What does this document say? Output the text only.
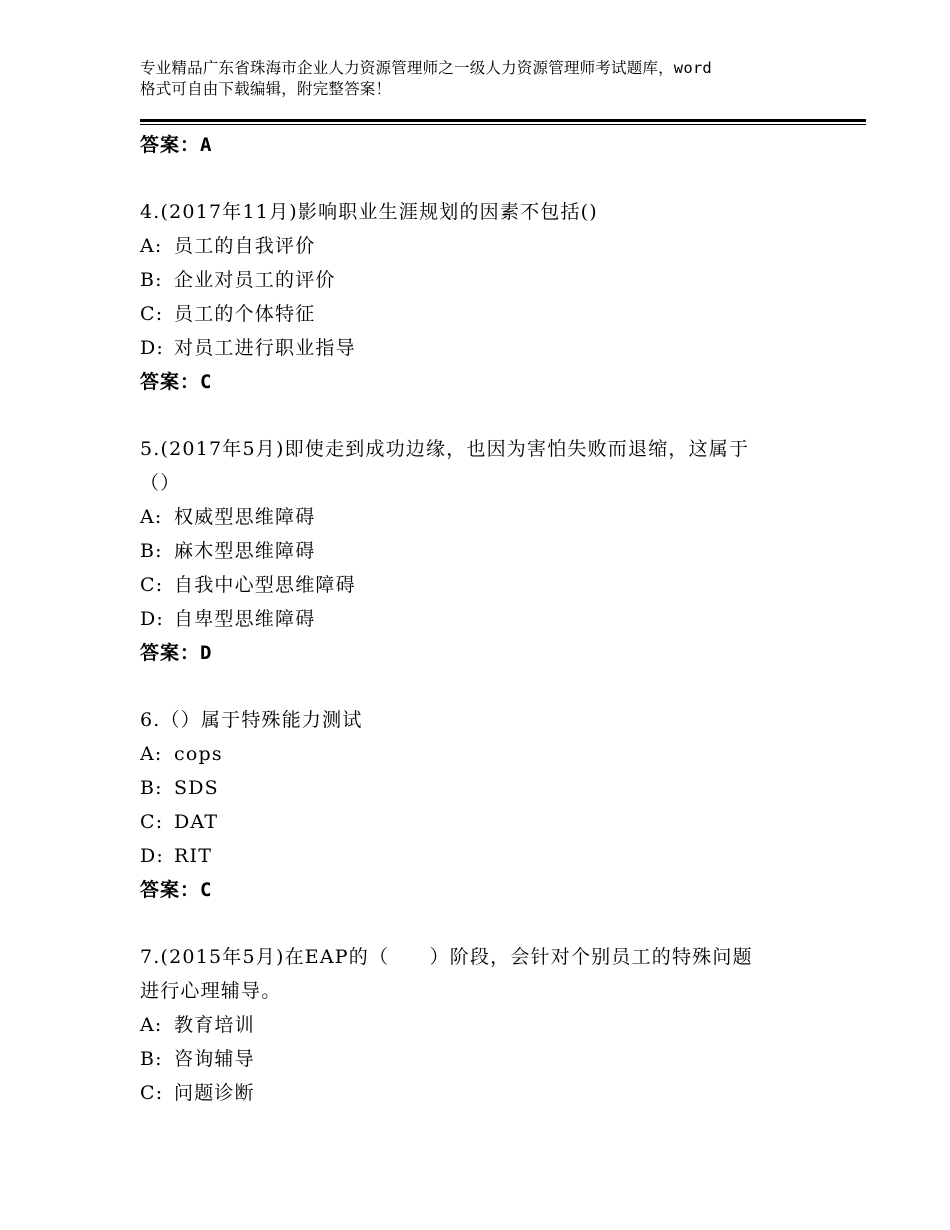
专业精品广东省珠海市企业人力资源管理师之一级人力资源管理师考试题库，word
格式可自由下载编辑，附完整答案！
答案：A
4.(2017年11月)影响职业生涯规划的因素不包括()
A: 员工的自我评价
B: 企业对员工的评价
C: 员工的个体特征
D: 对员工进行职业指导
答案：C
5.(2017年5月)即使走到成功边缘，也因为害怕失败而退缩，这属于
（）
A: 权威型思维障碍
B: 麻木型思维障碍
C: 自我中心型思维障碍
D: 自卑型思维障碍
答案：D
6.（）属于特殊能力测试
A: cops
B: SDS
C: DAT
D: RIT
答案：C
7.(2015年5月)在EAP的（　　）阶段，会针对个别员工的特殊问题
进行心理辅导。
A: 教育培训
B: 咨询辅导
C: 问题诊断
